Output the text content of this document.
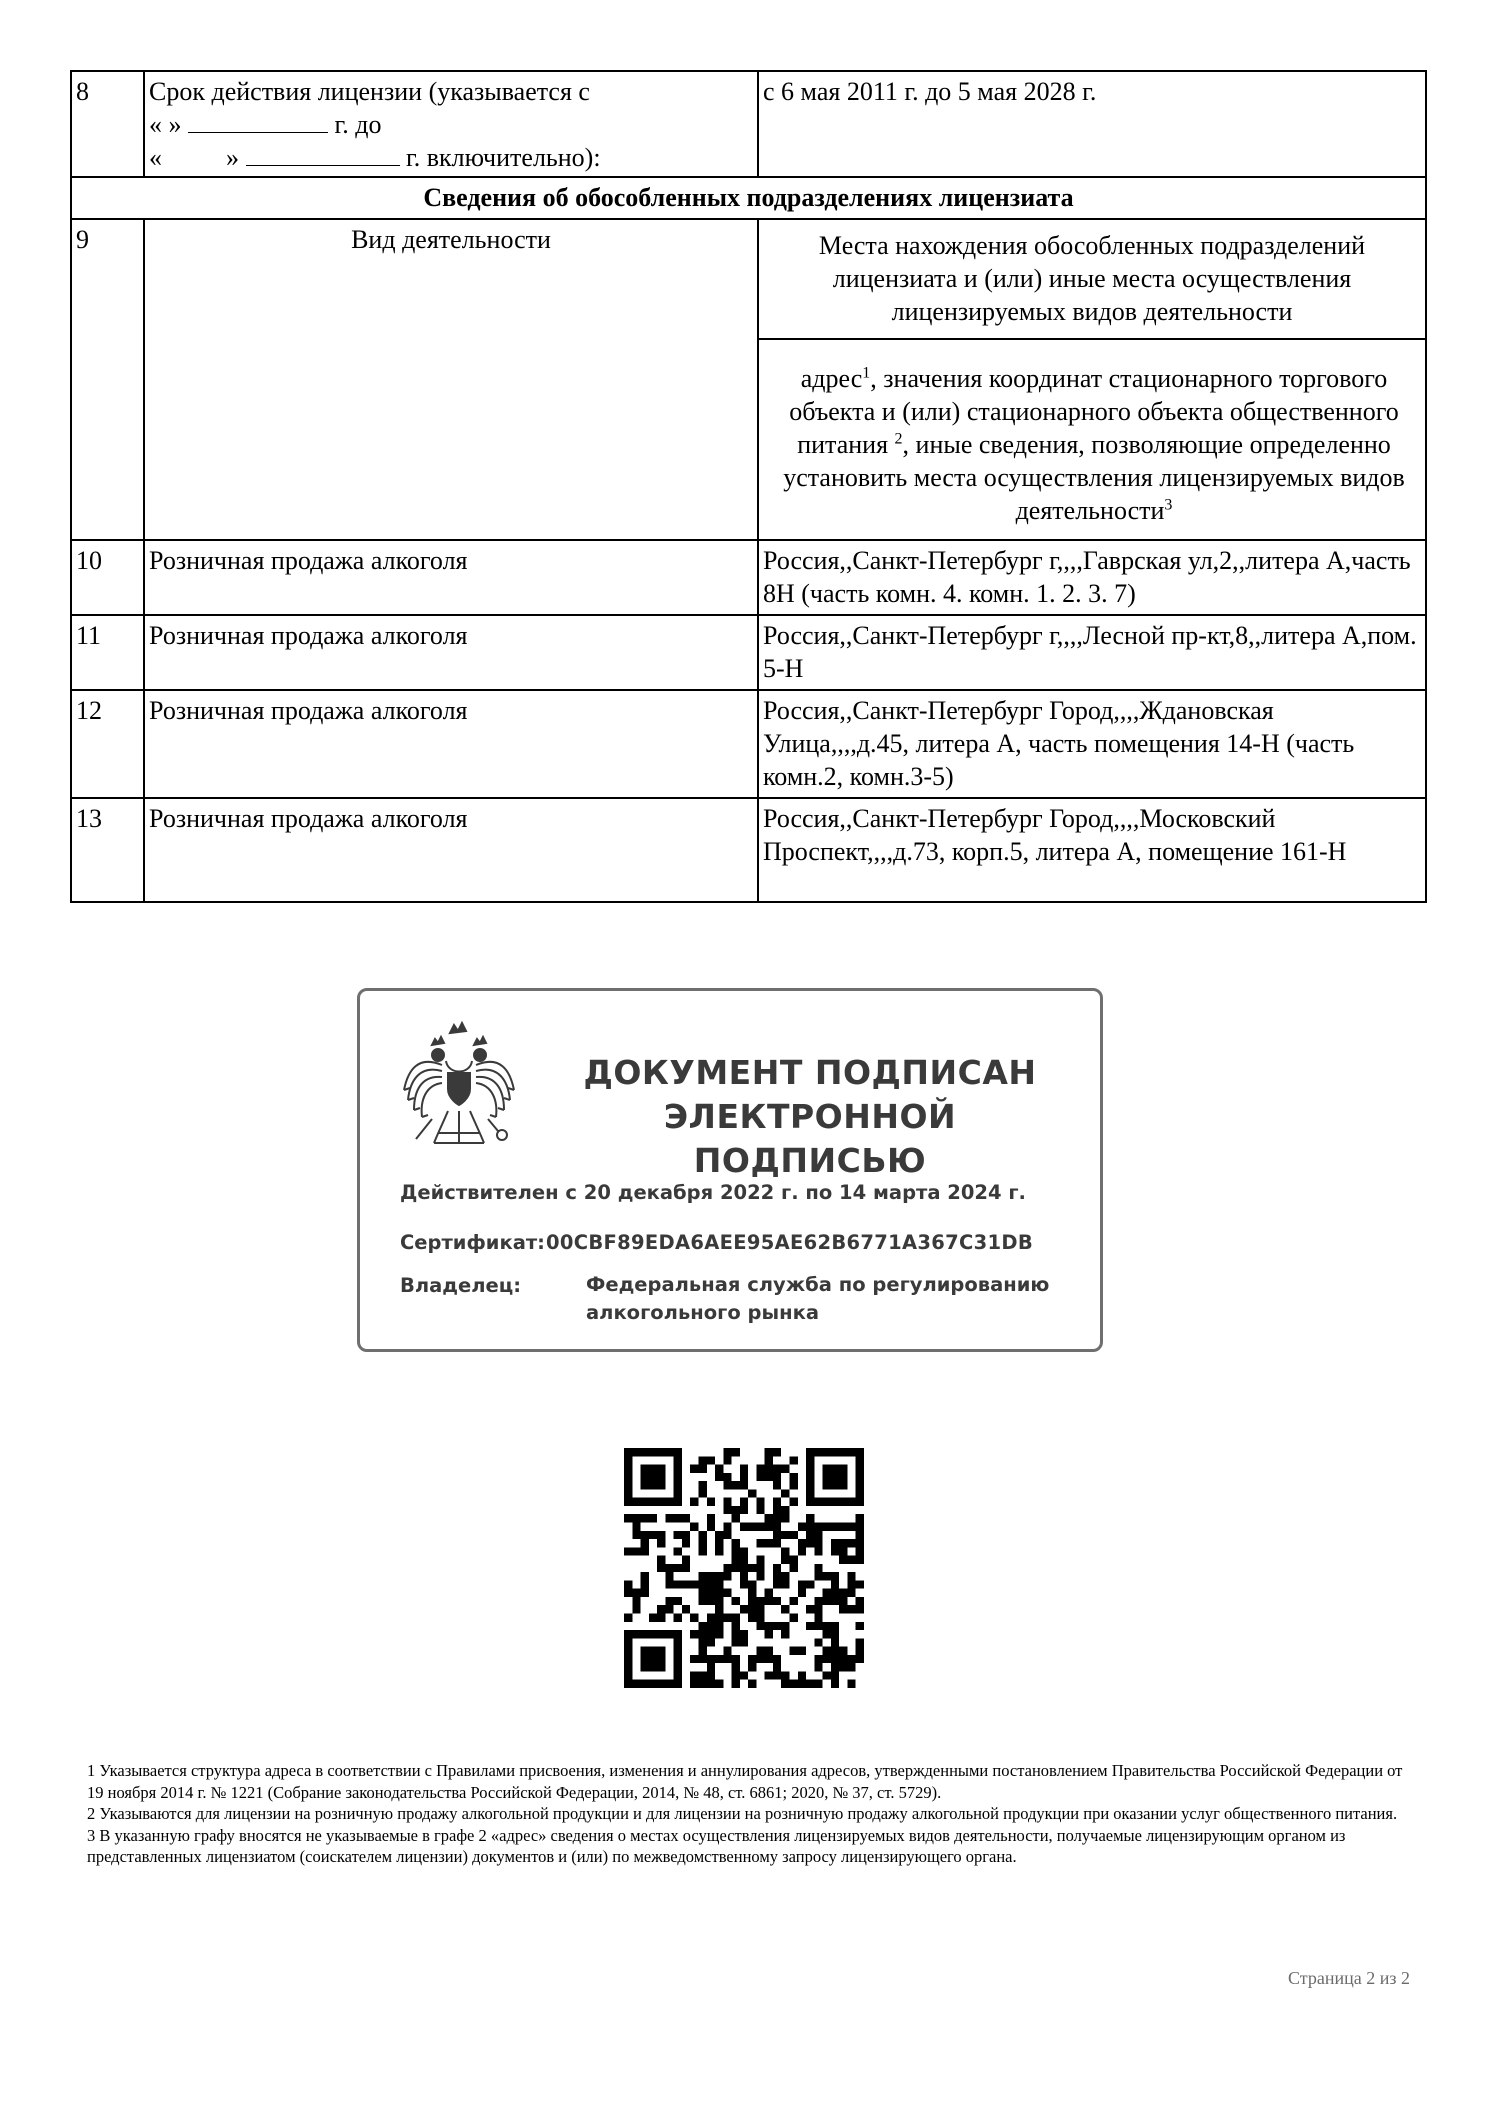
8	Срок действия лицензии (указывается с
« » г. до
« » г. включительно):	с 6 мая 2011 г. до 5 мая 2028 г.
Сведения об обособленных подразделениях лицензиата		
9	Вид деятельности	Места нахождения обособленных подразделений лицензиата и (или) иные места осуществления лицензируемых видов деятельности
		адрес$^1$, значения координат стационарного торгового объекта и (или) стационарного объекта общественного питания $^2$, иные сведения, позволяющие определенно установить места осуществления лицензируемых видов деятельности$^3$
10	Розничная продажа алкоголя	Россия,,Санкт-Петербург г,,,,Гаврская ул,2,,литера А,часть 8Н (часть комн. 4. комн. 1. 2. 3. 7)
11	Розничная продажа алкоголя	Россия,,Санкт-Петербург г,,,,Лесной пр-кт,8,,литера А,пом. 5-Н
12	Розничная продажа алкоголя	Россия,,Санкт-Петербург Город,,,,Ждановская Улица,,,,д.45, литера А, часть помещения 14-Н (часть комн.2, комн.3-5)
13	Розничная продажа алкоголя	Россия,,Санкт-Петербург Город,,,,Московский Проспект,,,,д.73, корп.5, литера А, помещение 161-Н
ДОКУМЕНТ ПОДПИСАН
ЭЛЕКТРОННОЙ ПОДПИСЬЮ
Действителен с 20 декабря 2022 г. по 14 марта 2024 г.
Сертификат:00CBF89EDA6AEE95AE62B6771A367C31DB
Владелец:	Федеральная служба по регулированию алкогольного рынка

1 Указывается структура адреса в соответствии с Правилами присвоения, изменения и аннулирования адресов, утвержденными постановлением Правительства Российской Федерации от 19 ноября 2014 г. № 1221 (Собрание законодательства Российской Федерации, 2014, № 48, ст. 6861; 2020, № 37, ст. 5729).

2 Указываются для лицензии на розничную продажу алкогольной продукции и для лицензии на розничную продажу алкогольной продукции при оказании услуг общественного питания.

3 В указанную графу вносятся не указываемые в графе 2 «адрес» сведения о местах осуществления лицензируемых видов деятельности, получаемые лицензирующим органом из представленных лицензиатом (соискателем лицензии) документов и (или) по межведомственному запросу лицензирующего органа.

Страница 2 из 2
